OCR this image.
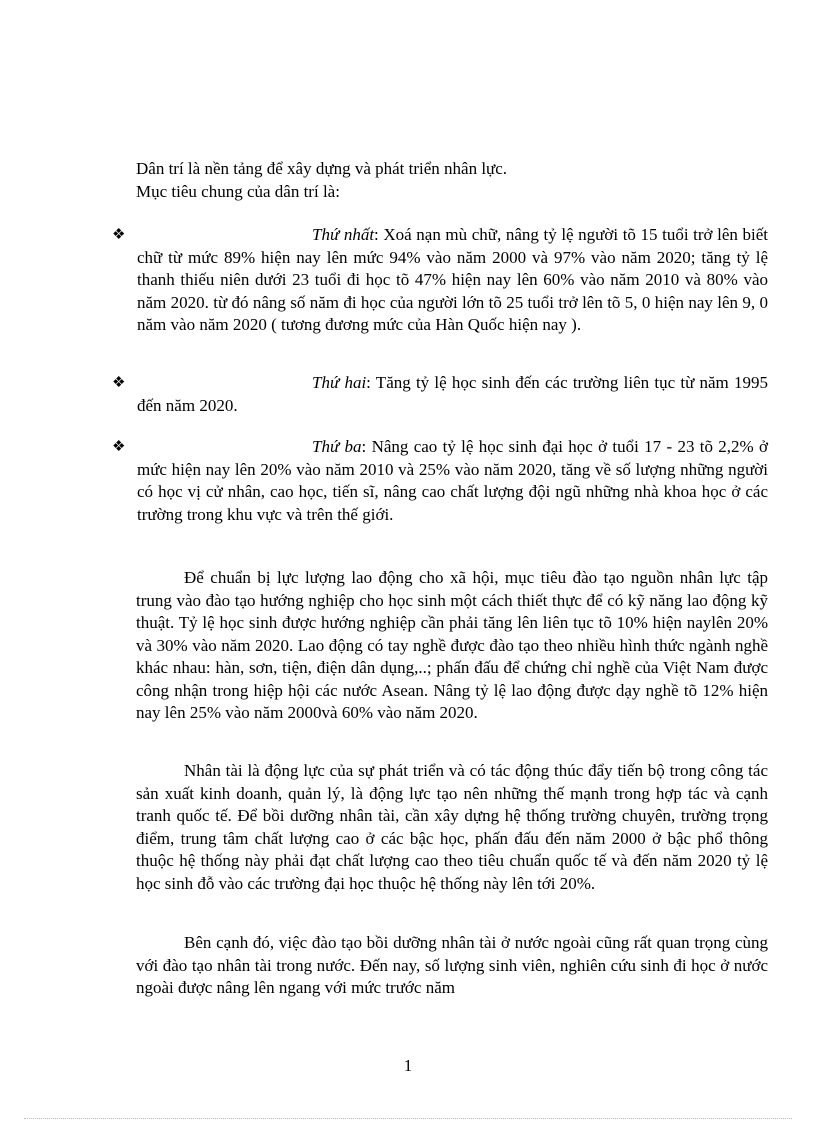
Dân trí là nền tảng để xây dựng và phát triển nhân lực.

Mục tiêu chung của dân trí là:

❖	Thứ nhất: Xoá nạn mù chữ, nâng tỷ lệ người tõ 15 tuổi trở lên biết chữ từ mức 89% hiện nay lên mức 94% vào năm 2000 và 97% vào năm 2020; tăng tỷ lệ thanh thiếu niên dưới 23 tuổi đi học tõ 47% hiện nay lên 60% vào năm 2010 và 80% vào năm 2020. từ đó nâng số năm đi học của người lớn tõ 25 tuổi trở lên tõ 5, 0 hiện nay lên 9, 0 năm vào năm 2020 ( tương đương mức của Hàn Quốc hiện nay ).
❖	Thứ hai: Tăng tỷ lệ học sinh đến các trường liên tục từ năm 1995 đến năm 2020.
❖	Thứ ba: Nâng cao tỷ lệ học sinh đại học ở tuổi 17 - 23 tõ 2,2% ở mức hiện nay lên 20% vào năm 2010 và 25% vào năm 2020, tăng về số lượng những người có học vị cử nhân, cao học, tiến sĩ, nâng cao chất lượng đội ngũ những nhà khoa học ở các trường trong khu vực và trên thế giới.

Để chuẩn bị lực lượng lao động cho xã hội, mục tiêu đào tạo nguồn nhân lực tập trung vào đào tạo hướng nghiệp cho học sinh một cách thiết thực để có kỹ năng lao động kỹ thuật. Tỷ lệ học sinh được hướng nghiệp cần phải tăng lên liên tục tõ 10% hiện naylên 20% và 30% vào năm 2020. Lao động có tay nghề được đào tạo theo nhiều hình thức ngành nghề khác nhau: hàn, sơn, tiện, điện dân dụng,..; phấn đấu để chứng chỉ nghề của Việt Nam được công nhận trong hiệp hội các nước Asean. Nâng tỷ lệ lao động được dạy nghề tõ 12% hiện nay lên 25% vào năm 2000và 60% vào năm 2020.

Nhân tài là động lực của sự phát triển và có tác động thúc đẩy tiến bộ trong công tác sản xuất kinh doanh, quản lý, là động lực tạo nên những thế mạnh trong hợp tác và cạnh tranh quốc tế. Để bồi dưỡng nhân tài, cần xây dựng hệ thống trường chuyên, trường trọng điểm, trung tâm chất lượng cao ở các bậc học, phấn đấu đến năm 2000 ở bậc phổ thông thuộc hệ thống này phải đạt chất lượng cao theo tiêu chuẩn quốc tế và đến năm 2020 tỷ lệ học sinh đỗ vào các trường đại học thuộc hệ thống này lên tới 20%.

Bên cạnh đó, việc đào tạo bồi dưỡng nhân tài ở nước ngoài cũng rất quan trọng cùng với đào tạo nhân tài trong nước. Đến nay, số lượng sinh viên, nghiên cứu sinh đi học ở nước ngoài được nâng lên ngang với mức trước năm

1
